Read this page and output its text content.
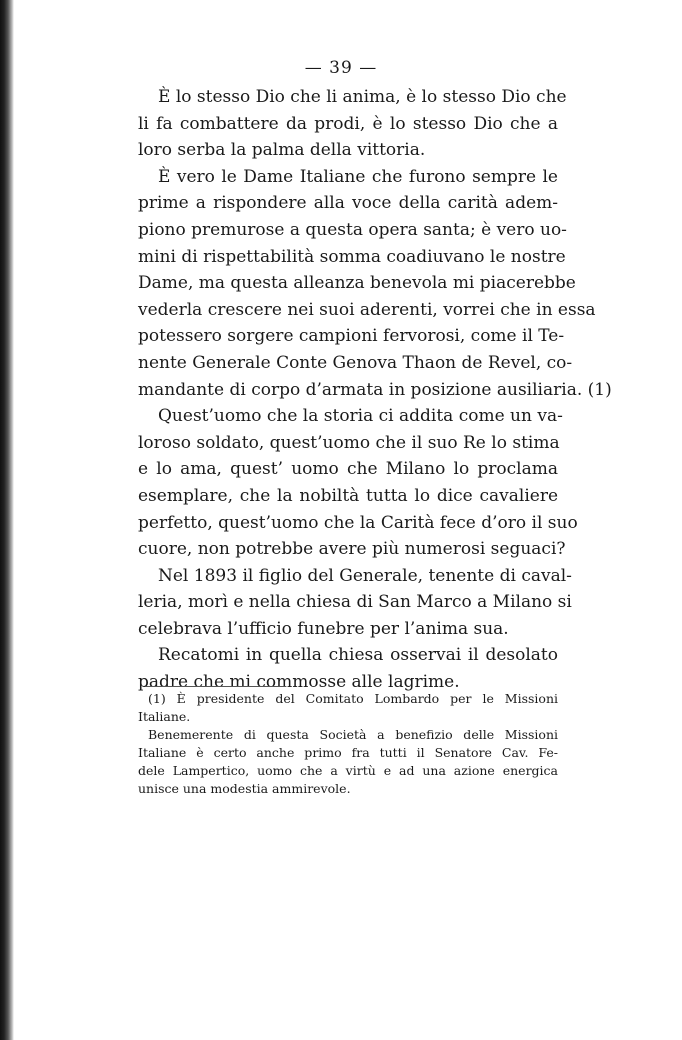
— 39 —
È lo stesso Dio che li anima, è lo stesso Dio che
li fa combattere da prodi, è lo stesso Dio che a
loro serba la palma della vittoria.
È vero le Dame Italiane che furono sempre le
prime a rispondere alla voce della carità adem-
piono premurose a questa opera santa; è vero uo-
mini di rispettabilità somma coadiuvano le nostre
Dame, ma questa alleanza benevola mi piacerebbe
vederla crescere nei suoi aderenti, vorrei che in essa
potessero sorgere campioni fervorosi, come il Te-
nente Generale Conte Genova Thaon de Revel, co-
mandante di corpo d’armata in posizione ausiliaria. (1)
Quest’uomo che la storia ci addita come un va-
loroso soldato, quest’uomo che il suo Re lo stima
e lo ama, quest’ uomo che Milano lo proclama
esemplare, che la nobiltà tutta lo dice cavaliere
perfetto, quest’uomo che la Carità fece d’oro il suo
cuore, non potrebbe avere più numerosi seguaci?
Nel 1893 il figlio del Generale, tenente di caval-
leria, morì e nella chiesa di San Marco a Milano si
celebrava l’ufficio funebre per l’anima sua.
Recatomi in quella chiesa osservai il desolato
padre che mi commosse alle lagrime.
(1) È presidente del Comitato Lombardo per le Missioni
Italiane.
Benemerente di questa Società a benefizio delle Missioni
Italiane è certo anche primo fra tutti il Senatore Cav. Fe-
dele Lampertico, uomo che a virtù e ad una azione energica
unisce una modestia ammirevole.
